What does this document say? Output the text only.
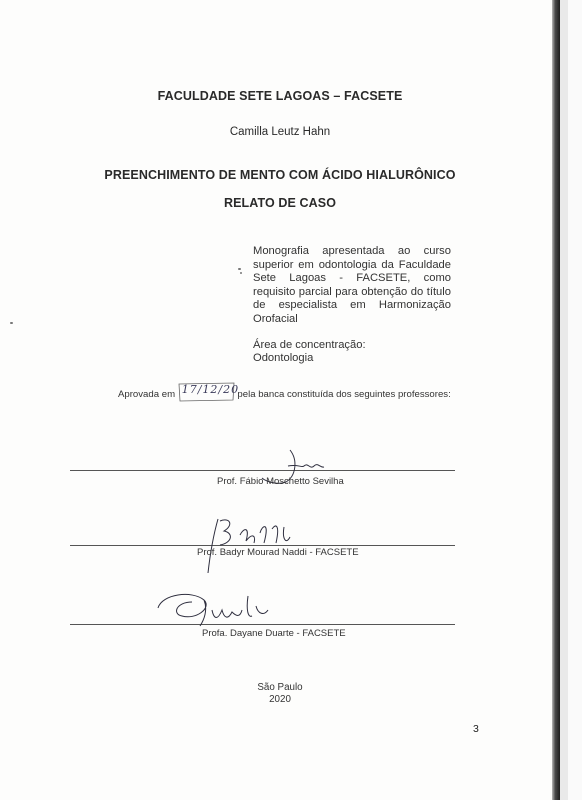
FACULDADE SETE LAGOAS – FACSETE
Camilla Leutz Hahn
PREENCHIMENTO DE MENTO COM ÁCIDO HIALURÔNICO
RELATO DE CASO

Monografia apresentada ao curso superior em odontologia da Faculdade Sete Lagoas - FACSETE, como requisito parcial para obtenção do título de especialista em Harmonização Orofacial

Área de concentração:

Odontologia

Aprovada em 17/12/20
pela banca constituída dos seguintes professores:
Prof. Fábio Moschetto Sevilha
Prof. Badyr Mourad Naddi - FACSETE
Profa. Dayane Duarte - FACSETE
São Paulo
2020
3
